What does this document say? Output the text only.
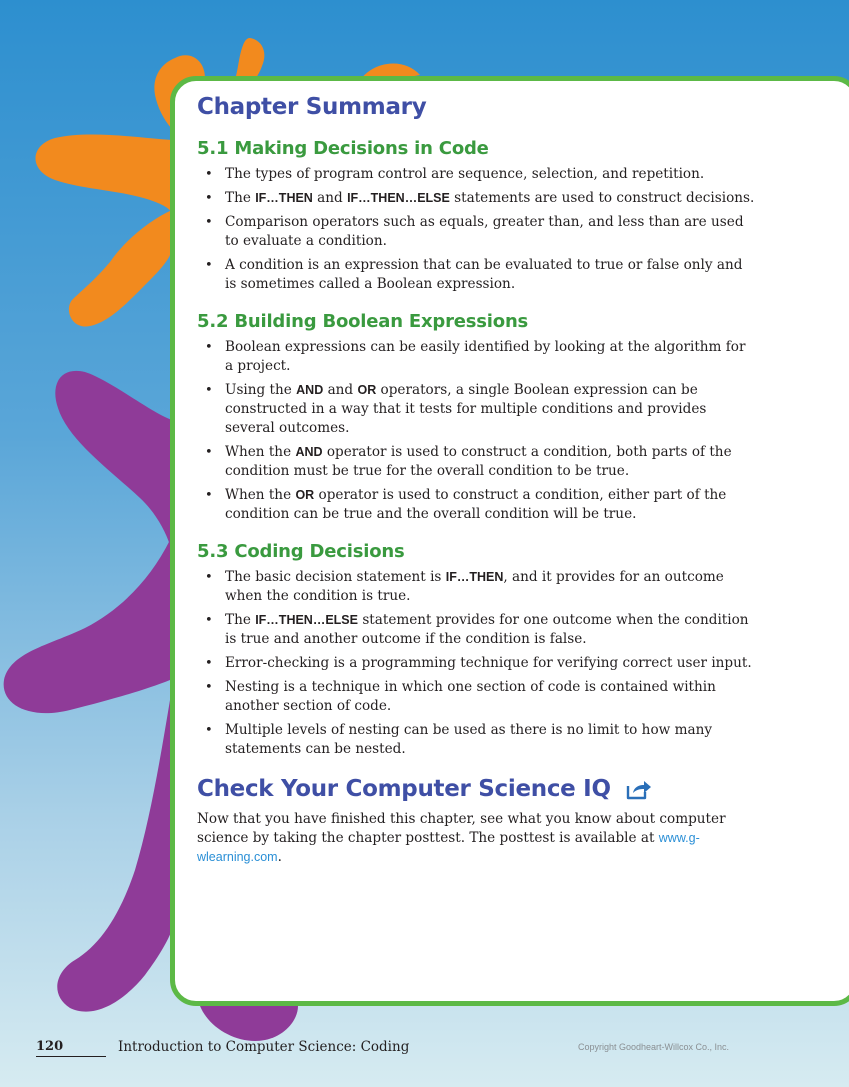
Chapter Summary
5.1 Making Decisions in Code
• The types of program control are sequence, selection, and repetition.
• The IF…THEN and IF…THEN…ELSE statements are used to construct decisions.
• Comparison operators such as equals, greater than, and less than are used to evaluate a condition.
• A condition is an expression that can be evaluated to true or false only and is sometimes called a Boolean expression.
5.2 Building Boolean Expressions
• Boolean expressions can be easily identified by looking at the algorithm for a project.
• Using the AND and OR operators, a single Boolean expression can be constructed in a way that it tests for multiple conditions and provides several outcomes.
• When the AND operator is used to construct a condition, both parts of the condition must be true for the overall condition to be true.
• When the OR operator is used to construct a condition, either part of the condition can be true and the overall condition will be true.
5.3 Coding Decisions
• The basic decision statement is IF…THEN, and it provides for an outcome when the condition is true.
• The IF…THEN…ELSE statement provides for one outcome when the condition is true and another outcome if the condition is false.
• Error-checking is a programming technique for verifying correct user input.
• Nesting is a technique in which one section of code is contained within another section of code.
• Multiple levels of nesting can be used as there is no limit to how many statements can be nested.
Check Your Computer Science IQ

Now that you have finished this chapter, see what you know about computer science by taking the chapter posttest. The posttest is available at www.g-wlearning.com.

120	Introduction to Computer Science: Coding	Copyright Goodheart-Willcox Co., Inc.
